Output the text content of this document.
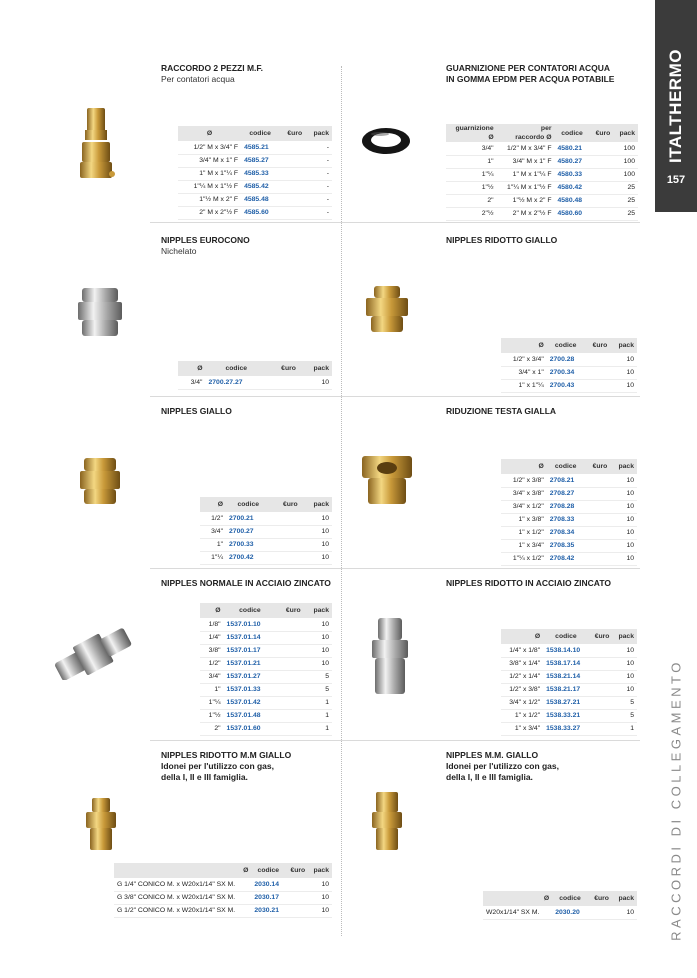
ITALTHERMO
157
RACCORDI DI COLLEGAMENTO
RACCORDO 2 PEZZI M.F.
Per contatori acqua
Ø	codice	€uro	pack
1/2" M x 3/4" F	4585.21		-
3/4" M x 1" F	4585.27		-
1" M x 1"¼ F	4585.33		-
1"¼ M x 1"½ F	4585.42		-
1"½ M x 2" F	4585.48		-
2" M x 2"½ F	4585.60		-
GUARNIZIONE PER CONTATORI ACQUA
IN GOMMA EPDM PER ACQUA POTABILE
guarnizione
Ø	per
raccordo Ø	codice	€uro	pack
3/4"	1/2" M x 3/4" F	4580.21		100
1"	3/4" M x 1" F	4580.27		100
1"¼	1" M x 1"¼ F	4580.33		100
1"½	1"¼ M x 1"½ F	4580.42		25
2"	1"½ M x 2" F	4580.48		25
2"½	2" M x 2"½ F	4580.60		25
NIPPLES EUROCONO
Nichelato
Ø	codice	€uro	pack
3/4"	2700.27.27		10
NIPPLES RIDOTTO GIALLO
Ø	codice	€uro	pack
1/2" x 3/4"	2700.28		10
3/4" x 1"	2700.34		10
1" x 1"¼	2700.43		10
NIPPLES GIALLO
Ø	codice	€uro	pack
1/2"	2700.21		10
3/4"	2700.27		10
1"	2700.33		10
1"¼	2700.42		10
RIDUZIONE TESTA GIALLA
Ø	codice	€uro	pack
1/2" x 3/8"	2708.21		10
3/4" x 3/8"	2708.27		10
3/4" x 1/2"	2708.28		10
1" x 3/8"	2708.33		10
1" x 1/2"	2708.34		10
1" x 3/4"	2708.35		10
1"¼ x 1/2"	2708.42		10
NIPPLES NORMALE IN ACCIAIO ZINCATO
Ø	codice	€uro	pack
1/8"	1537.01.10		10
1/4"	1537.01.14		10
3/8"	1537.01.17		10
1/2"	1537.01.21		10
3/4"	1537.01.27		5
1"	1537.01.33		5
1"¼	1537.01.42		1
1"½	1537.01.48		1
2"	1537.01.60		1
NIPPLES RIDOTTO IN ACCIAIO ZINCATO
Ø	codice	€uro	pack
1/4" x 1/8"	1538.14.10		10
3/8" x 1/4"	1538.17.14		10
1/2" x 1/4"	1538.21.14		10
1/2" x 3/8"	1538.21.17		10
3/4" x 1/2"	1538.27.21		5
1" x 1/2"	1538.33.21		5
1" x 3/4"	1538.33.27		1
NIPPLES RIDOTTO M.M GIALLO
Idonei per l'utilizzo con gas,
della I, II e III famiglia.
Ø	codice	€uro	pack
G 1/4" CONICO M. x W20x1/14" SX M.	2030.14		10
G 3/8" CONICO M. x W20x1/14" SX M.	2030.17		10
G 1/2" CONICO M. x W20x1/14" SX M.	2030.21		10
NIPPLES M.M. GIALLO
Idonei per l'utilizzo con gas,
della I, II e III famiglia.
Ø	codice	€uro	pack
W20x1/14" SX M.	2030.20		10
